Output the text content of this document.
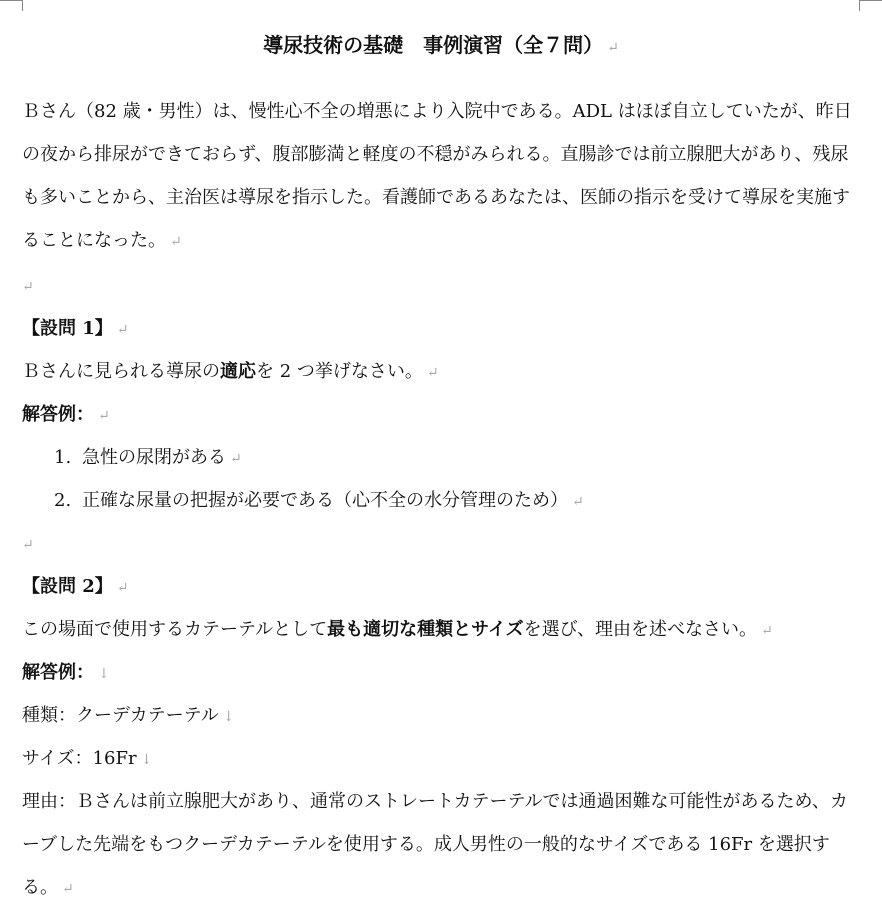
導尿技術の基礎　事例演習（全７問） ↵
Ｂさん（82 歳・男性）は、慢性心不全の増悪により入院中である。ADL はほぼ自立していたが、昨日の夜から排尿ができておらず、腹部膨満と軽度の不穏がみられる。直腸診では前立腺肥大があり、残尿も多いことから、主治医は導尿を指示した。看護師であるあなたは、医師の指示を受けて導尿を実施することになった。 ↵
↵
【設問 1】 ↵
Ｂさんに見られる導尿の適応を 2 つ挙げなさい。 ↵
解答例： ↵
1. 急性の尿閉がある ↵
2. 正確な尿量の把握が必要である（心不全の水分管理のため） ↵
↵
【設問 2】 ↵
この場面で使用するカテーテルとして最も適切な種類とサイズを選び、理由を述べなさい。 ↵
解答例： ↓
種類：クーデカテーテル ↓
サイズ：16Fr ↓
理由：Ｂさんは前立腺肥大があり、通常のストレートカテーテルでは通過困難な可能性があるため、カーブした先端をもつクーデカテーテルを使用する。成人男性の一般的なサイズである 16Fr を選択する。 ↵
